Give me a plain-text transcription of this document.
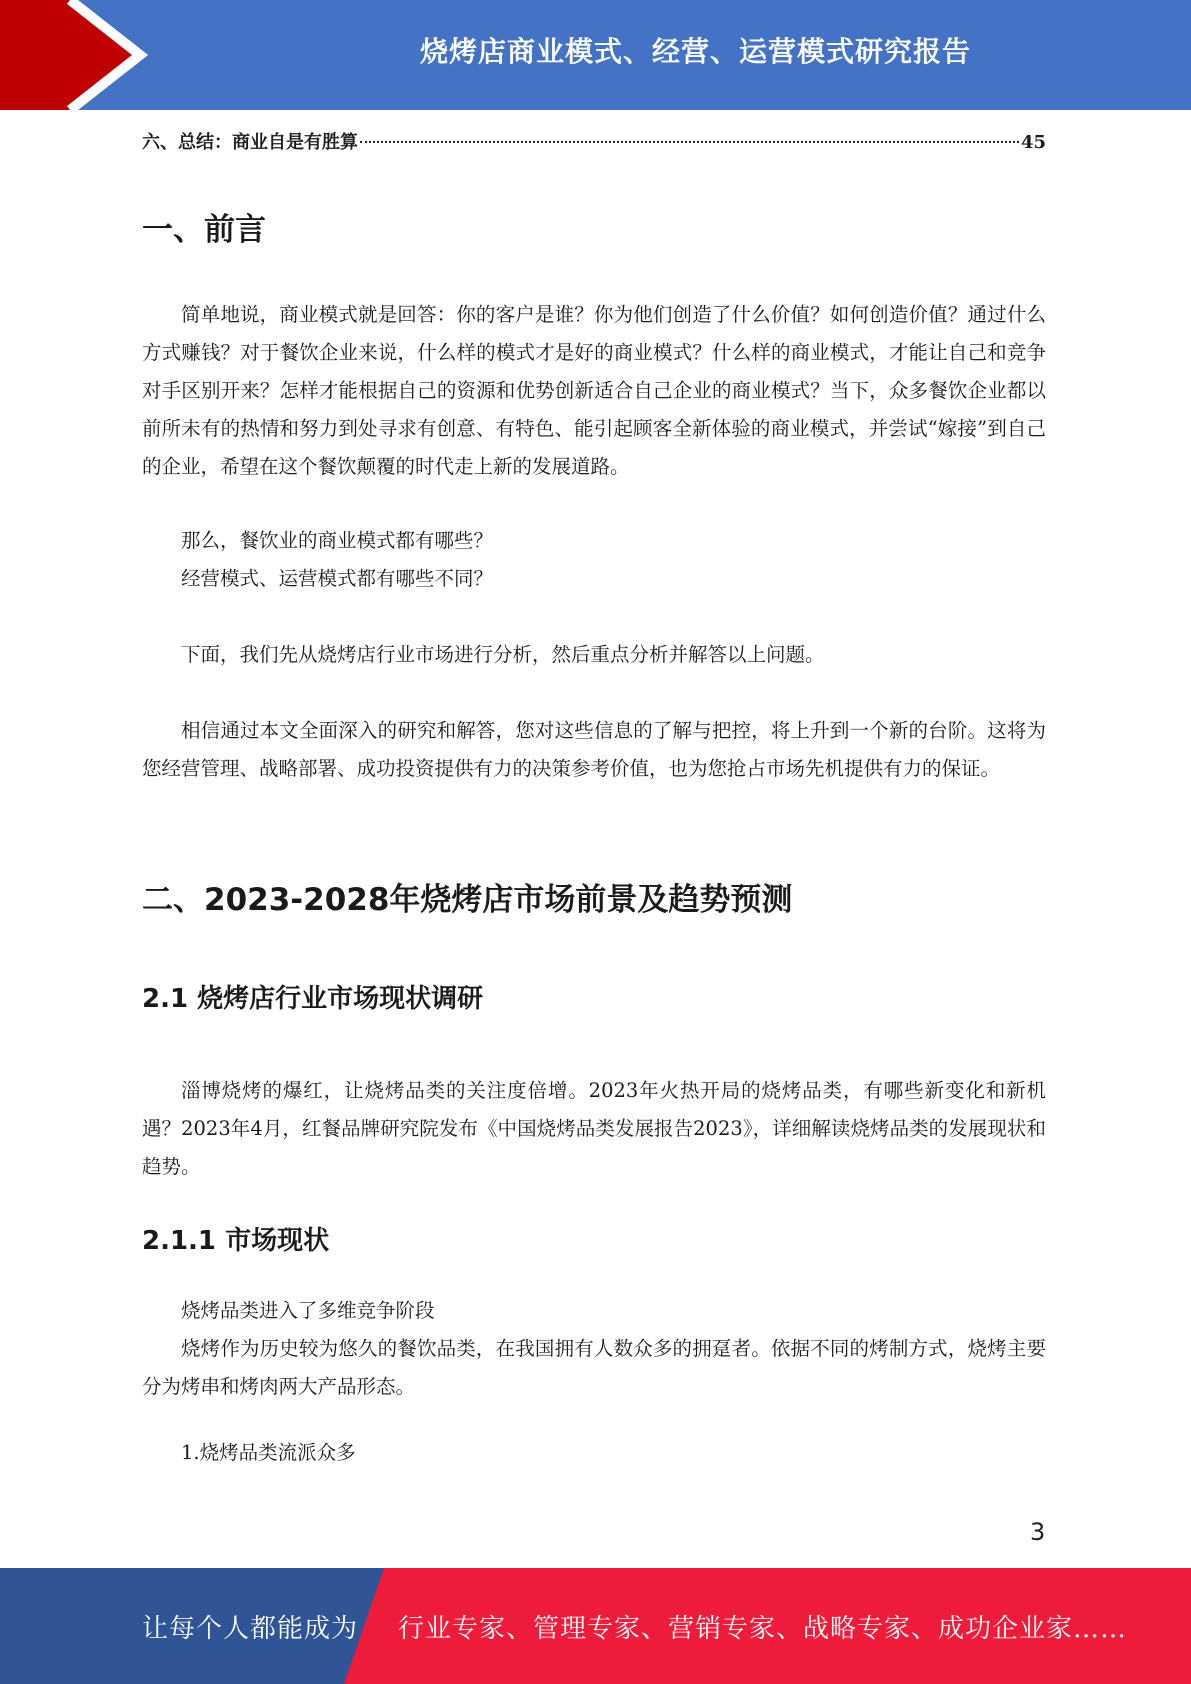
烧烤店商业模式、经营、运营模式研究报告
六、总结：商业自是有胜算	45
一、前言

简单地说，商业模式就是回答：你的客户是谁？你为他们创造了什么价值？如何创造价值？通过什么方式赚钱？对于餐饮企业来说，什么样的模式才是好的商业模式？什么样的商业模式，才能让自己和竞争对手区别开来？怎样才能根据自己的资源和优势创新适合自己企业的商业模式？当下，众多餐饮企业都以前所未有的热情和努力到处寻求有创意、有特色、能引起顾客全新体验的商业模式，并尝试“嫁接”到自己的企业，希望在这个餐饮颠覆的时代走上新的发展道路。

那么，餐饮业的商业模式都有哪些？

经营模式、运营模式都有哪些不同？

下面，我们先从烧烤店行业市场进行分析，然后重点分析并解答以上问题。

相信通过本文全面深入的研究和解答，您对这些信息的了解与把控，将上升到一个新的台阶。这将为您经营管理、战略部署、成功投资提供有力的决策参考价值，也为您抢占市场先机提供有力的保证。

二、2023-2028年烧烤店市场前景及趋势预测
2.1 烧烤店行业市场现状调研

淄博烧烤的爆红，让烧烤品类的关注度倍增。2023年火热开局的烧烤品类，有哪些新变化和新机遇？2023年4月，红餐品牌研究院发布《中国烧烤品类发展报告2023》，详细解读烧烤品类的发展现状和趋势。

2.1.1 市场现状

烧烤品类进入了多维竞争阶段

烧烤作为历史较为悠久的餐饮品类，在我国拥有人数众多的拥趸者。依据不同的烤制方式，烧烤主要分为烤串和烤肉两大产品形态。

1.烧烤品类流派众多

3
让每个人都能成为 行业专家、管理专家、营销专家、战略专家、成功企业家……
